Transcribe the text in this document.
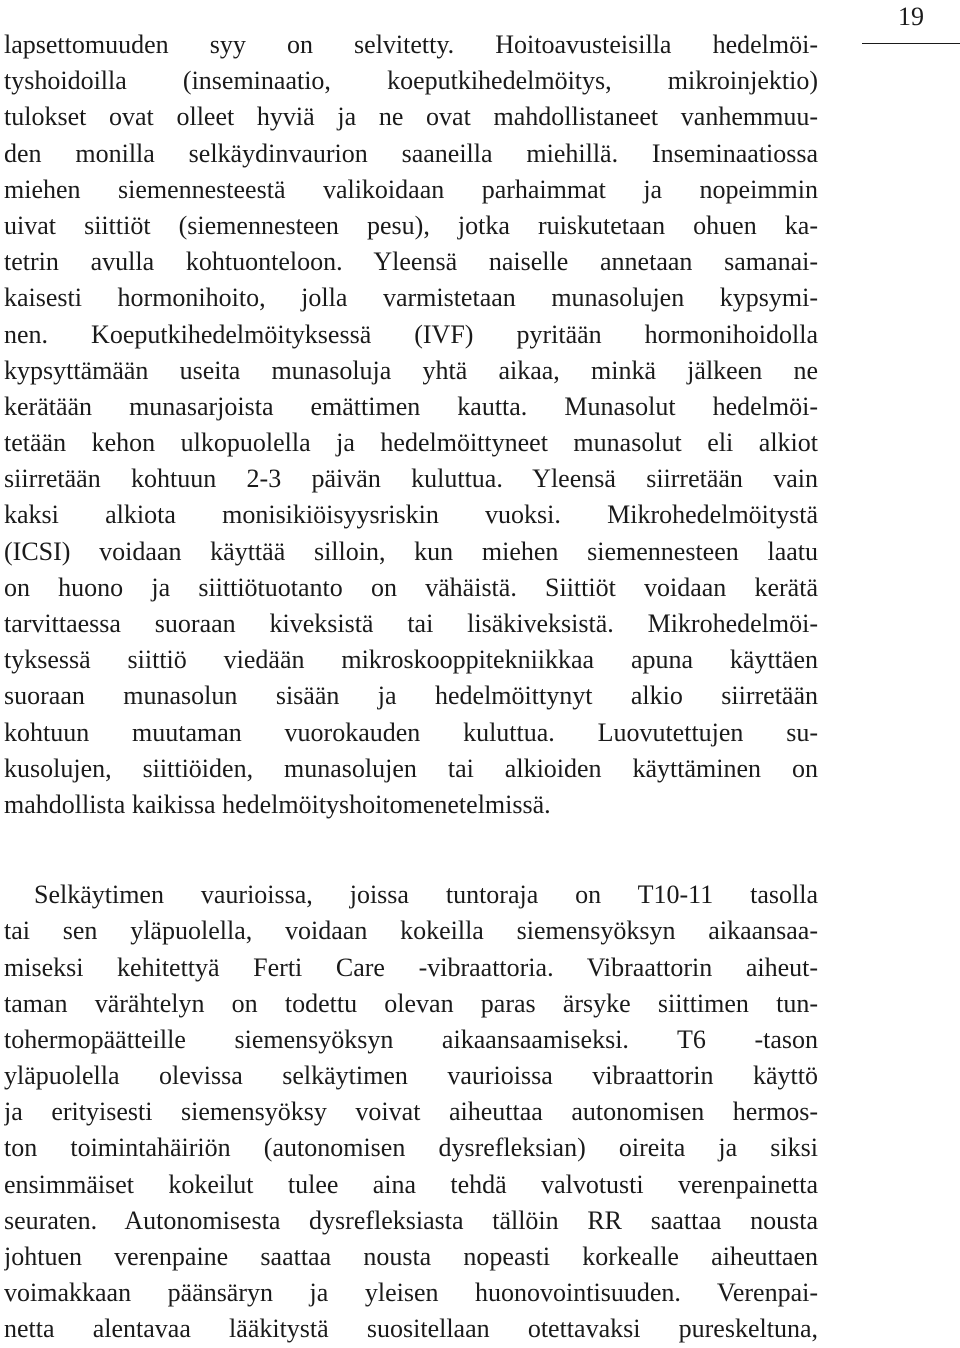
19
lapsettomuuden syy on selvitetty. Hoitoavusteisilla hedelmöi-
tyshoidoilla (inseminaatio, koeputkihedelmöitys, mikroinjektio)
tulokset ovat olleet hyviä ja ne ovat mahdollistaneet vanhemmuu-
den monilla selkäydinvaurion saaneilla miehillä. Inseminaatiossa
miehen siemennesteestä valikoidaan parhaimmat ja nopeimmin
uivat siittiöt (siemennesteen pesu), jotka ruiskutetaan ohuen ka-
tetrin avulla kohtuonteloon. Yleensä naiselle annetaan samanai-
kaisesti hormonihoito, jolla varmistetaan munasolujen kypsymi-
nen. Koeputkihedelmöityksessä (IVF) pyritään hormonihoidolla
kypsyttämään useita munasoluja yhtä aikaa, minkä jälkeen ne
kerätään munasarjoista emättimen kautta. Munasolut hedelmöi-
tetään kehon ulkopuolella ja hedelmöittyneet munasolut eli alkiot
siirretään kohtuun 2-3 päivän kuluttua. Yleensä siirretään vain
kaksi alkiota monisikiöisyysriskin vuoksi. Mikrohedelmöitystä
(ICSI) voidaan käyttää silloin, kun miehen siemennesteen laatu
on huono ja siittiötuotanto on vähäistä. Siittiöt voidaan kerätä
tarvittaessa suoraan kiveksistä tai lisäkiveksistä. Mikrohedelmöi-
tyksessä siittiö viedään mikroskooppitekniikkaa apuna käyttäen
suoraan munasolun sisään ja hedelmöittynyt alkio siirretään
kohtuun muutaman vuorokauden kuluttua. Luovutettujen su-
kusolujen, siittiöiden, munasolujen tai alkioiden käyttäminen on
mahdollista kaikissa hedelmöityshoitomenetelmissä.
Selkäytimen vaurioissa, joissa tuntoraja on T10-11 tasolla
tai sen yläpuolella, voidaan kokeilla siemensyöksyn aikaansaa-
miseksi kehitettyä Ferti Care -vibraattoria. Vibraattorin aiheut-
taman värähtelyn on todettu olevan paras ärsyke siittimen tun-
tohermopäätteille siemensyöksyn aikaansaamiseksi. T6 -tason
yläpuolella olevissa selkäytimen vaurioissa vibraattorin käyttö
ja erityisesti siemensyöksy voivat aiheuttaa autonomisen hermos-
ton toimintahäiriön (autonomisen dysrefleksian) oireita ja siksi
ensimmäiset kokeilut tulee aina tehdä valvotusti verenpainetta
seuraten. Autonomisesta dysrefleksiasta tällöin RR saattaa nousta
johtuen verenpaine saattaa nousta nopeasti korkealle aiheuttaen
voimakkaan päänsäryn ja yleisen huonovointisuuden. Verenpai-
netta alentavaa lääkitystä suositellaan otettavaksi pureskeltuna,
